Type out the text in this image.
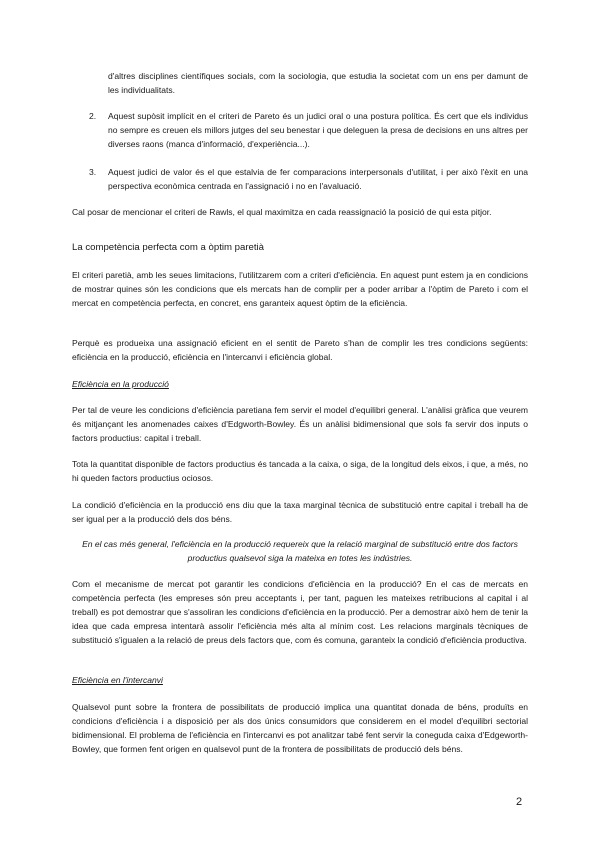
d'altres disciplines científiques socials, com la sociologia, que estudia la societat com un ens per damunt de les individualitats.

2. Aquest supòsit implícit en el criteri de Pareto és un judici oral o una postura política. És cert que els individus no sempre es creuen els millors jutges del seu benestar i que deleguen la presa de decisions en uns altres per diverses raons (manca d'informació, d'experiència...).

3. Aquest judici de valor és el que estalvia de fer comparacions interpersonals d'utilitat, i per això l'èxit en una perspectiva econòmica centrada en l'assignació i no en l'avaluació.

Cal posar de mencionar el criteri de Rawls, el qual maximitza en cada reassignació la posició de qui esta pitjor.

La competència perfecta com a òptim paretià

El criteri paretià, amb les seues limitacions, l'utilitzarem com a criteri d'eficiència. En aquest punt estem ja en condicions de mostrar quines són les condicions que els mercats han de complir per a poder arribar a l'òptim de Pareto i com el mercat en competència perfecta, en concret, ens garanteix aquest òptim de la eficiència.

Perquè es produeixa una assignació eficient en el sentit de Pareto s'han de complir les tres condicions següents: eficiència en la producció, eficiència en l'intercanvi i eficiència global.

Eficiència en la producció

Per tal de veure les condicions d'eficiència paretiana fem servir el model d'equilibri general. L'anàlisi gràfica que veurem és mitjançant les anomenades caixes d'Edgworth-Bowley. És un anàlisi bidimensional que sols fa servir dos inputs o factors productius: capital i treball.

Tota la quantitat disponible de factors productius és tancada a la caixa, o siga, de la longitud dels eixos, i que, a més, no hi queden factors productius ociosos.

La condició d'eficiència en la producció ens diu que la taxa marginal tècnica de substitució entre capital i treball ha de ser igual per a la producció dels dos béns.

En el cas més general, l'eficiència en la producció requereix que la relació marginal de substitució entre dos factors productius qualsevol siga la mateixa en totes les indústries.

Com el mecanisme de mercat pot garantir les condicions d'eficiència en la producció? En el cas de mercats en competència perfecta (les empreses són preu acceptants i, per tant, paguen les mateixes retribucions al capital i al treball) es pot demostrar que s'assoliran les condicions d'eficiència en la producció. Per a demostrar això hem de tenir la idea que cada empresa intentarà assolir l'eficiència més alta al mínim cost. Les relacions marginals tècniques de substitució s'igualen a la relació de preus dels factors que, com és comuna, garanteix la condició d'eficiència productiva.

Eficiència en l'intercanvi

Qualsevol punt sobre la frontera de possibilitats de producció implica una quantitat donada de béns, produïts en condicions d'eficiència i a disposició per als dos únics consumidors que considerem en el model d'equilibri sectorial bidimensional. El problema de l'eficiència en l'intercanvi es pot analitzar tabé fent servir la coneguda caixa d'Edgeworth-Bowley, que formen fent origen en qualsevol punt de la frontera de possibilitats de producció dels béns.

2
